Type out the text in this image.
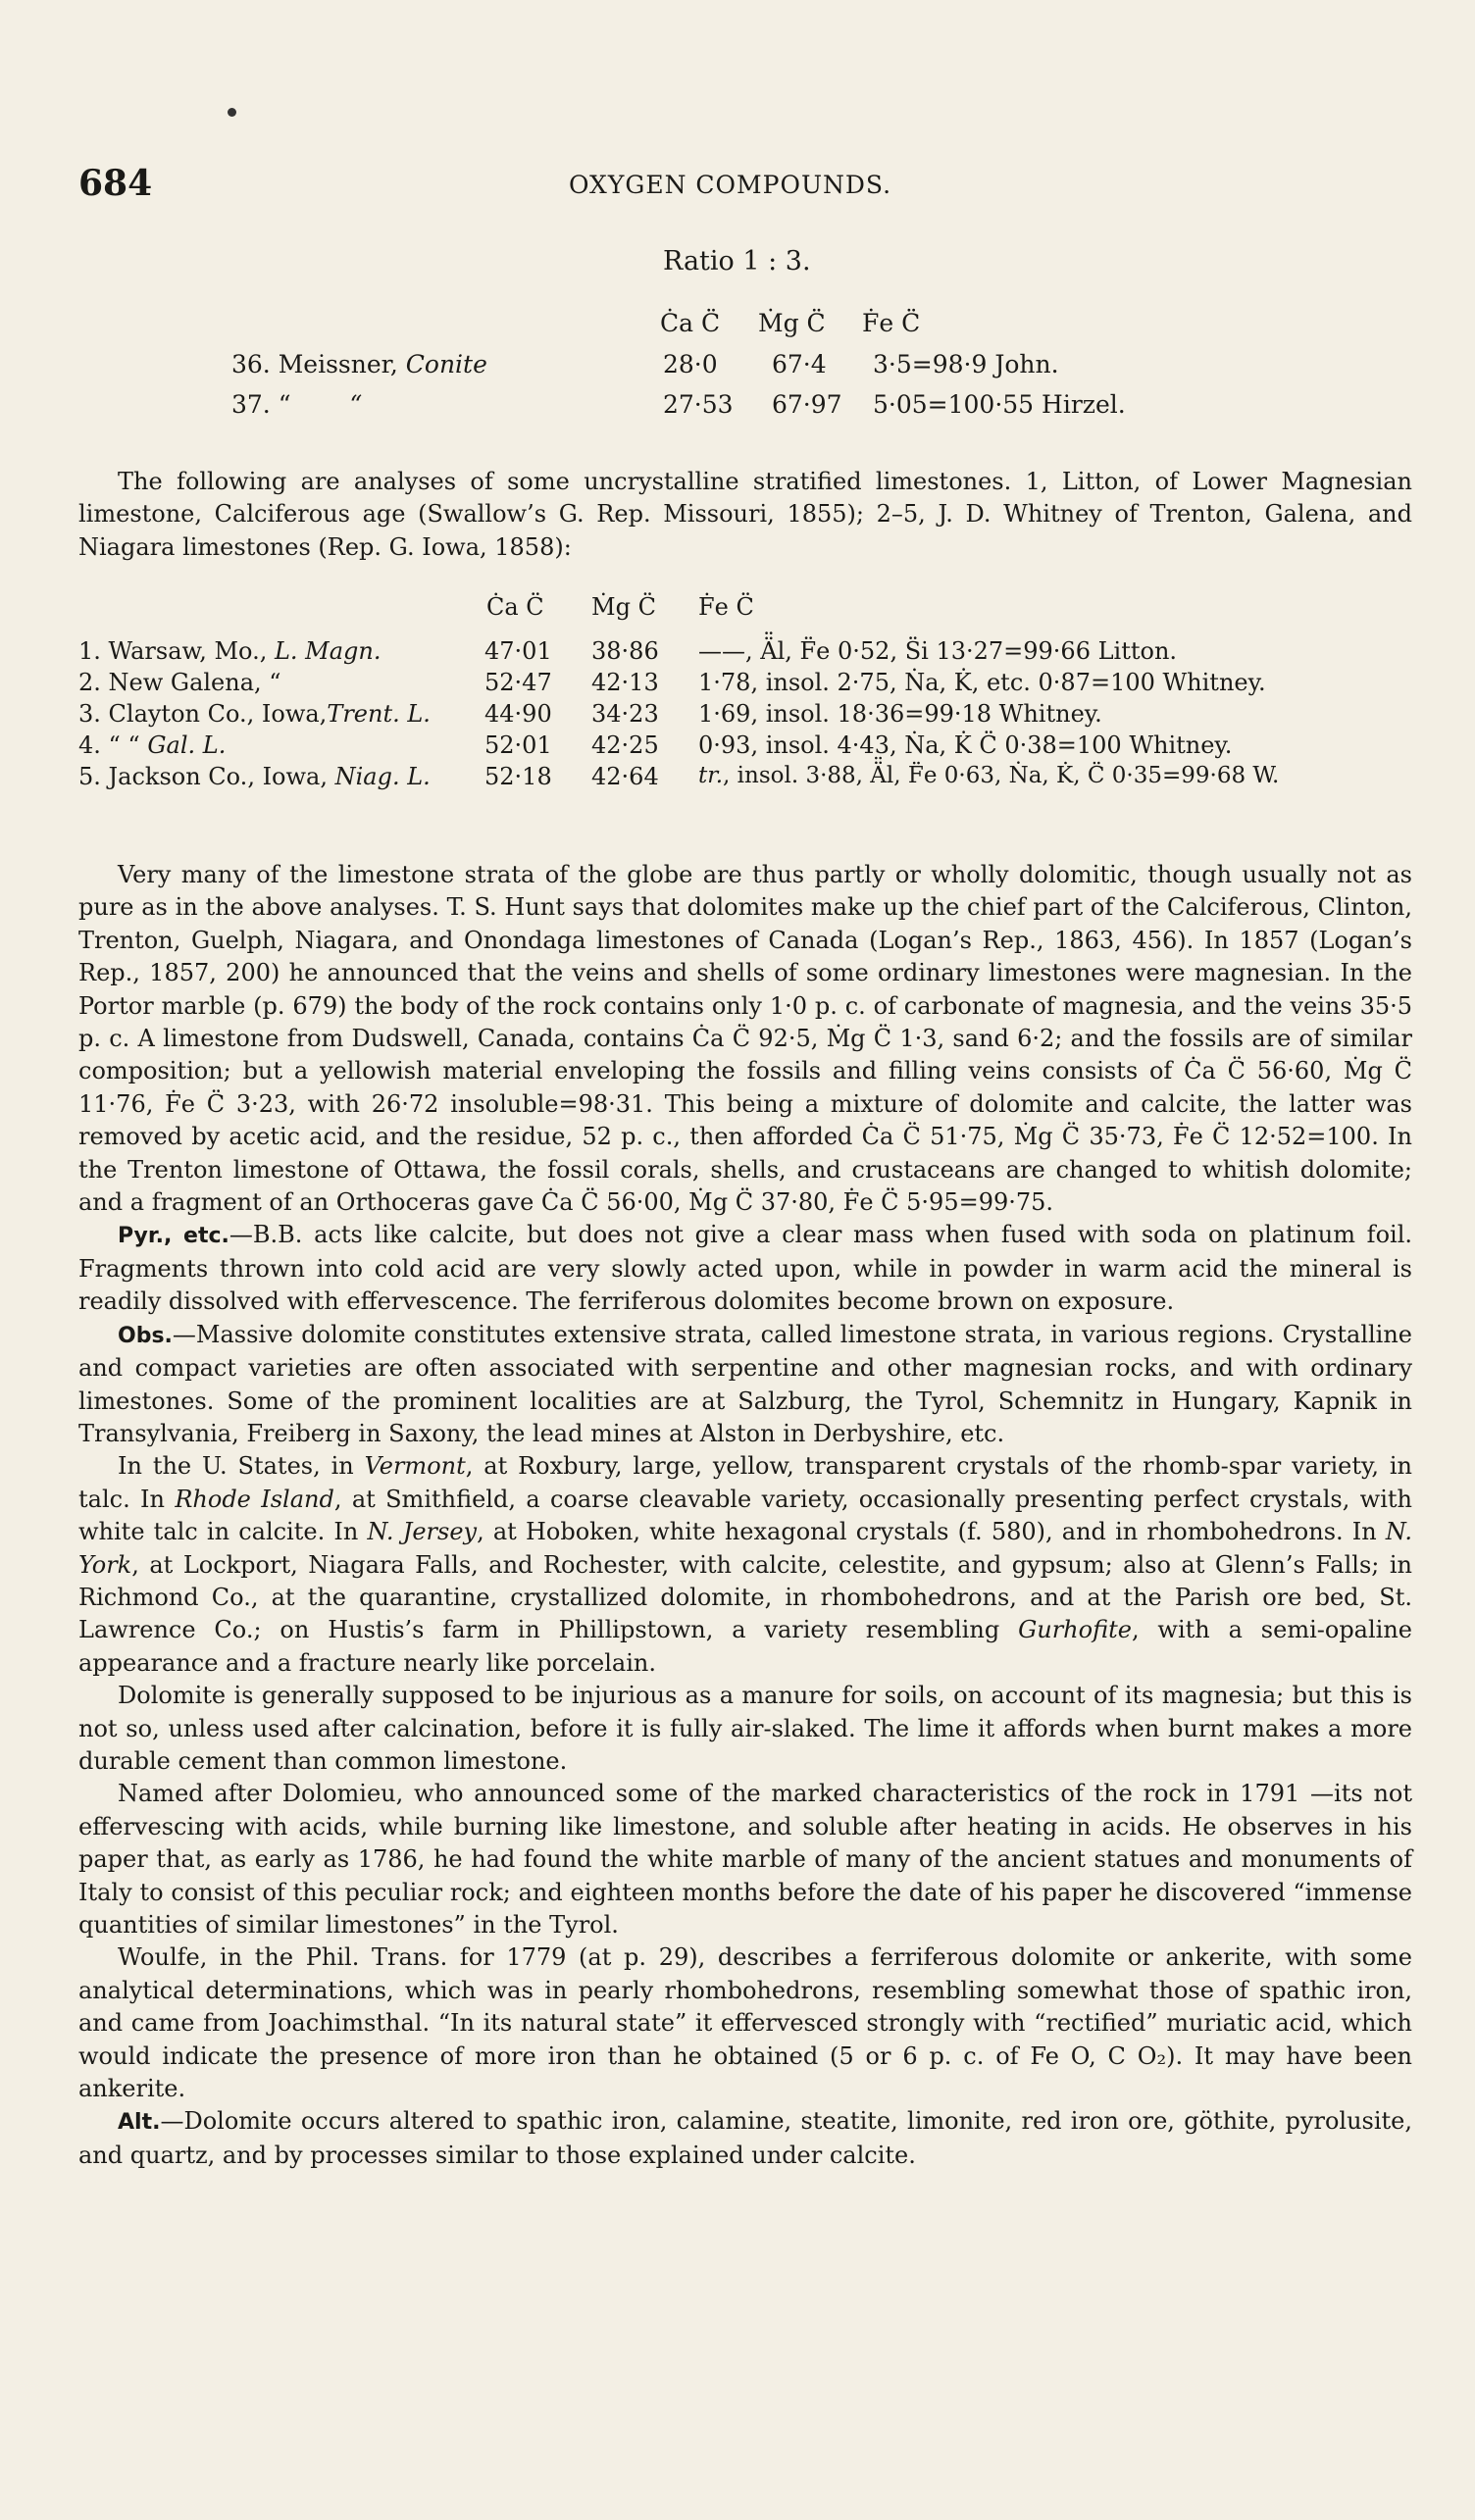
684	OXYGEN COMPOUNDS.
Ratio 1 : 3.
Ċa C̈ Ṁg C̈ Ḟe C̈
36. Meissner, Conite	28·0 67·4 3·5=98·9 John.
37. “ “	27·53 67·97 5·05=100·55 Hirzel.
The following are analyses of some uncrystalline stratified limestones. 1, Litton, of Lower Magnesian limestone, Calciferous age (Swallow’s G. Rep. Missouri, 1855); 2–5, J. D. Whitney of Trenton, Galena, and Niagara limestones (Rep. G. Iowa, 1858):
Ċa C̈ Ṁg C̈ Ḟe C̈
1. Warsaw, Mo., L. Magn.	47·01 38·86 ——, Ä̈l, F̈e 0·52, S̈i 13·27=99·66 Litton.
2. New Galena, “	52·47 42·13 1·78, insol. 2·75, Ṅa, K̇, etc. 0·87=100 Whitney.
3. Clayton Co., Iowa,Trent. L. 44·90 34·23 1·69, insol. 18·36=99·18 Whitney.
4. “ “ Gal. L.	52·01 42·25 0·93, insol. 4·43, Ṅa, K̇ C̈ 0·38=100 Whitney.
5. Jackson Co., Iowa, Niag. L. 52·18 42·64 tr., insol. 3·88, Ä̈l, F̈e 0·63, Ṅa, K̇, C̈ 0·35=99·68 W.

Very many of the limestone strata of the globe are thus partly or wholly dolomitic, though usually not as pure as in the above analyses. T. S. Hunt says that dolomites make up the chief part of the Calciferous, Clinton, Trenton, Guelph, Niagara, and Onondaga limestones of Canada (Logan’s Rep., 1863, 456). In 1857 (Logan’s Rep., 1857, 200) he announced that the veins and shells of some ordinary limestones were magnesian. In the Portor marble (p. 679) the body of the rock contains only 1·0 p. c. of carbonate of magnesia, and the veins 35·5 p. c. A limestone from Dudswell, Canada, contains Ċa C̈ 92·5, Ṁg C̈ 1·3, sand 6·2; and the fossils are of similar composition; but a yellowish material enveloping the fossils and filling veins consists of Ċa C̈ 56·60, Ṁg C̈ 11·76, Ḟe C̈ 3·23, with 26·72 insoluble=98·31. This being a mixture of dolomite and calcite, the latter was removed by acetic acid, and the residue, 52 p. c., then afforded Ċa C̈ 51·75, Ṁg C̈ 35·73, Ḟe C̈ 12·52=100. In the Trenton limestone of Ottawa, the fossil corals, shells, and crustaceans are changed to whitish dolomite; and a fragment of an Orthoceras gave Ċa C̈ 56·00, Ṁg C̈ 37·80, Ḟe C̈ 5·95=99·75.

Pyr., etc.—B.B. acts like calcite, but does not give a clear mass when fused with soda on platinum foil. Fragments thrown into cold acid are very slowly acted upon, while in powder in warm acid the mineral is readily dissolved with effervescence. The ferriferous dolomites become brown on exposure.

Obs.—Massive dolomite constitutes extensive strata, called limestone strata, in various regions. Crystalline and compact varieties are often associated with serpentine and other magnesian rocks, and with ordinary limestones. Some of the prominent localities are at Salzburg, the Tyrol, Schemnitz in Hungary, Kapnik in Transylvania, Freiberg in Saxony, the lead mines at Alston in Derbyshire, etc.

In the U. States, in Vermont, at Roxbury, large, yellow, transparent crystals of the rhomb-spar variety, in talc. In Rhode Island, at Smithfield, a coarse cleavable variety, occasionally presenting perfect crystals, with white talc in calcite. In N. Jersey, at Hoboken, white hexagonal crystals (f. 580), and in rhombohedrons. In N. York, at Lockport, Niagara Falls, and Rochester, with calcite, celestite, and gypsum; also at Glenn’s Falls; in Richmond Co., at the quarantine, crystallized dolomite, in rhombohedrons, and at the Parish ore bed, St. Lawrence Co.; on Hustis’s farm in Phillipstown, a variety resembling Gurhofite, with a semi-opaline appearance and a fracture nearly like porcelain.

Dolomite is generally supposed to be injurious as a manure for soils, on account of its magnesia; but this is not so, unless used after calcination, before it is fully air-slaked. The lime it affords when burnt makes a more durable cement than common limestone.

Named after Dolomieu, who announced some of the marked characteristics of the rock in 1791 —its not effervescing with acids, while burning like limestone, and soluble after heating in acids. He observes in his paper that, as early as 1786, he had found the white marble of many of the ancient statues and monuments of Italy to consist of this peculiar rock; and eighteen months before the date of his paper he discovered “immense quantities of similar limestones” in the Tyrol.

Woulfe, in the Phil. Trans. for 1779 (at p. 29), describes a ferriferous dolomite or ankerite, with some analytical determinations, which was in pearly rhombohedrons, resembling somewhat those of spathic iron, and came from Joachimsthal. “In its natural state” it effervesced strongly with “rectified” muriatic acid, which would indicate the presence of more iron than he obtained (5 or 6 p. c. of Fe O, C O₂). It may have been ankerite.

Alt.—Dolomite occurs altered to spathic iron, calamine, steatite, limonite, red iron ore, göthite, pyrolusite, and quartz, and by processes similar to those explained under calcite.
